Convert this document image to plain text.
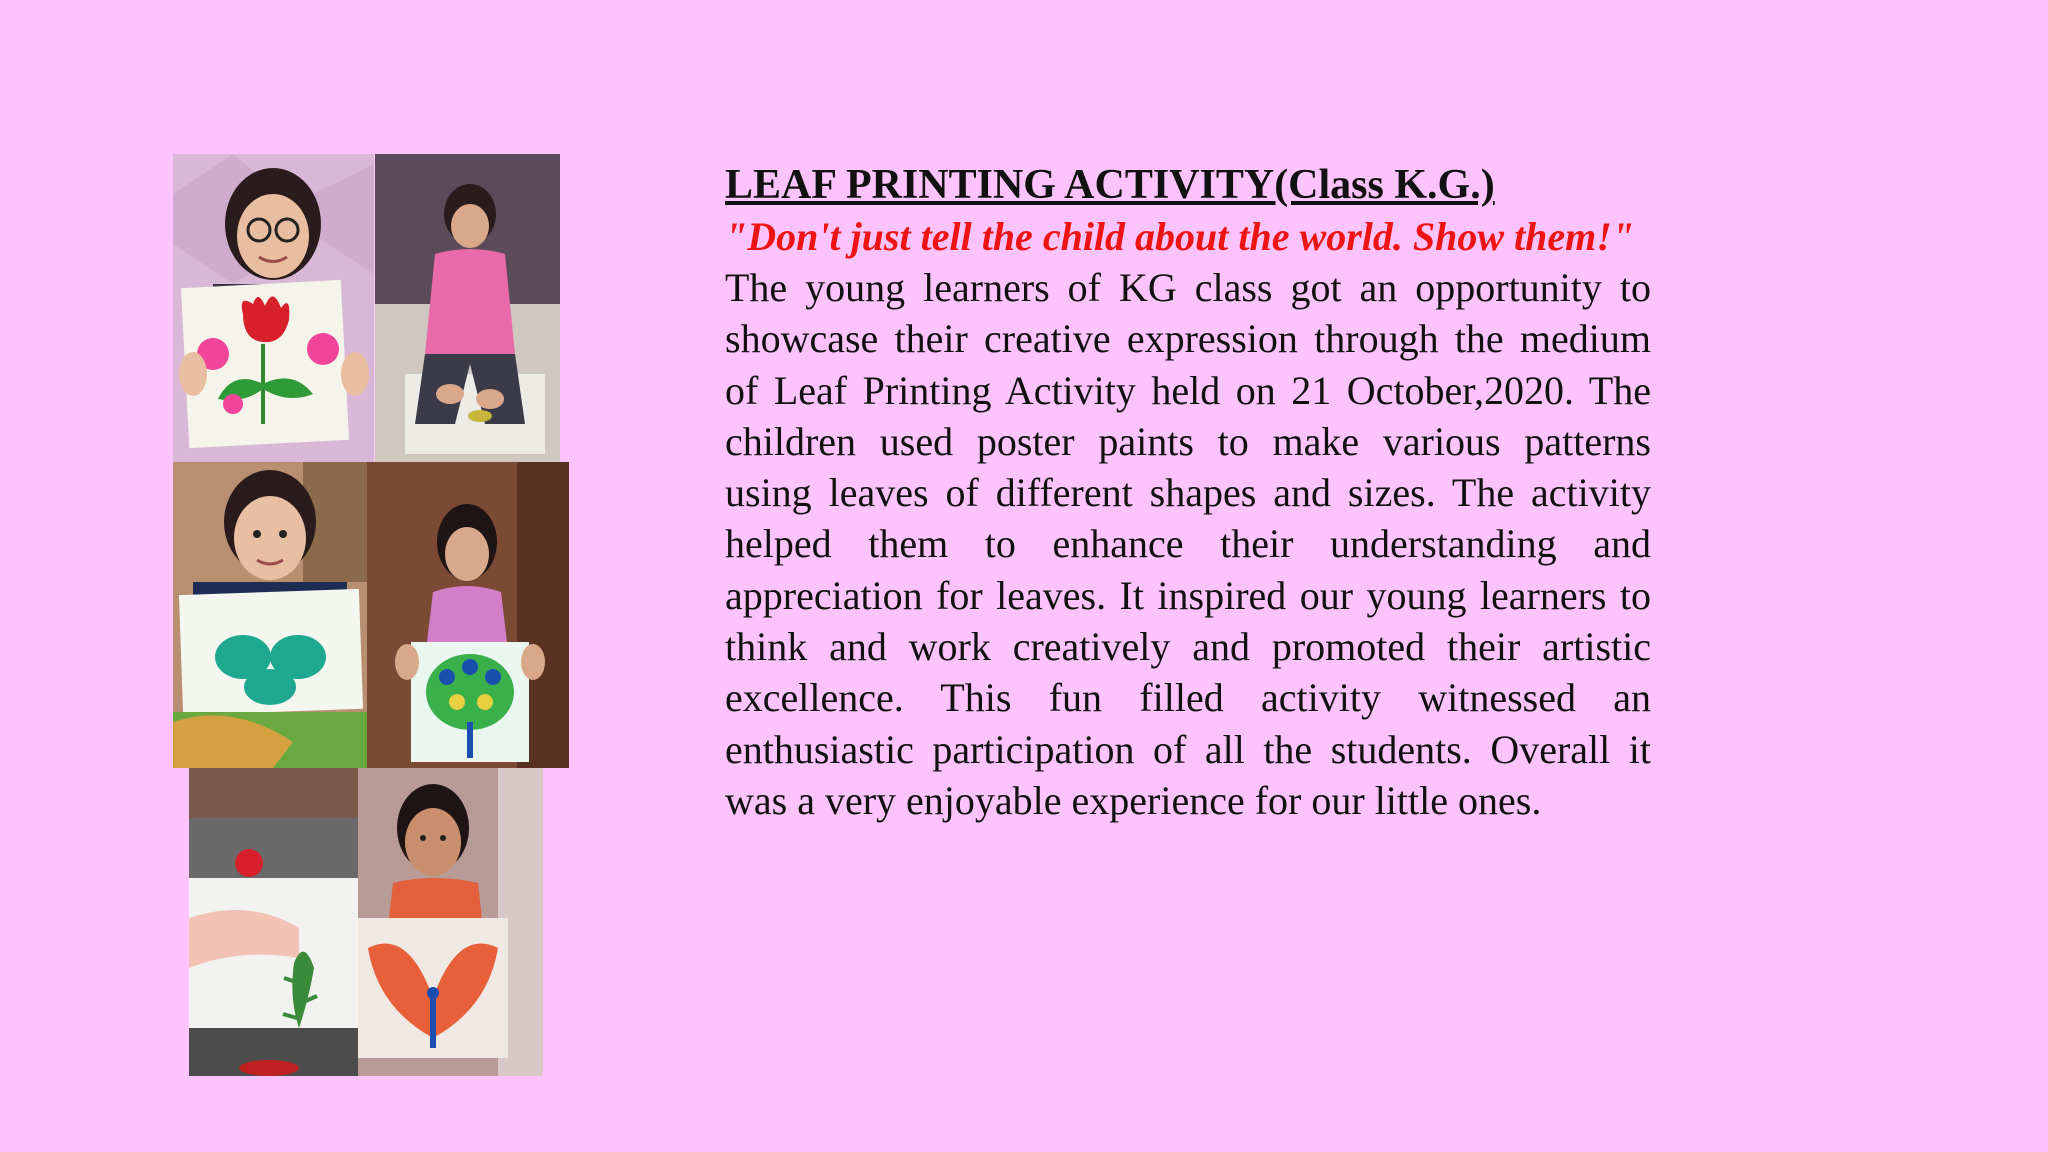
LEAF PRINTING ACTIVITY(Class K.G.)

"Don't just tell the child about the world. Show them!"

The young learners of KG class got an opportunity to showcase their creative expression through the medium of Leaf Printing Activity held on 21 October,2020. The children used poster paints to make various patterns using leaves of different shapes and sizes. The activity helped them to enhance their understanding and appreciation for leaves. It inspired our young learners to think and work creatively and promoted their artistic excellence. This fun filled activity witnessed an enthusiastic participation of all the students. Overall it was a very enjoyable experience for our little ones.
